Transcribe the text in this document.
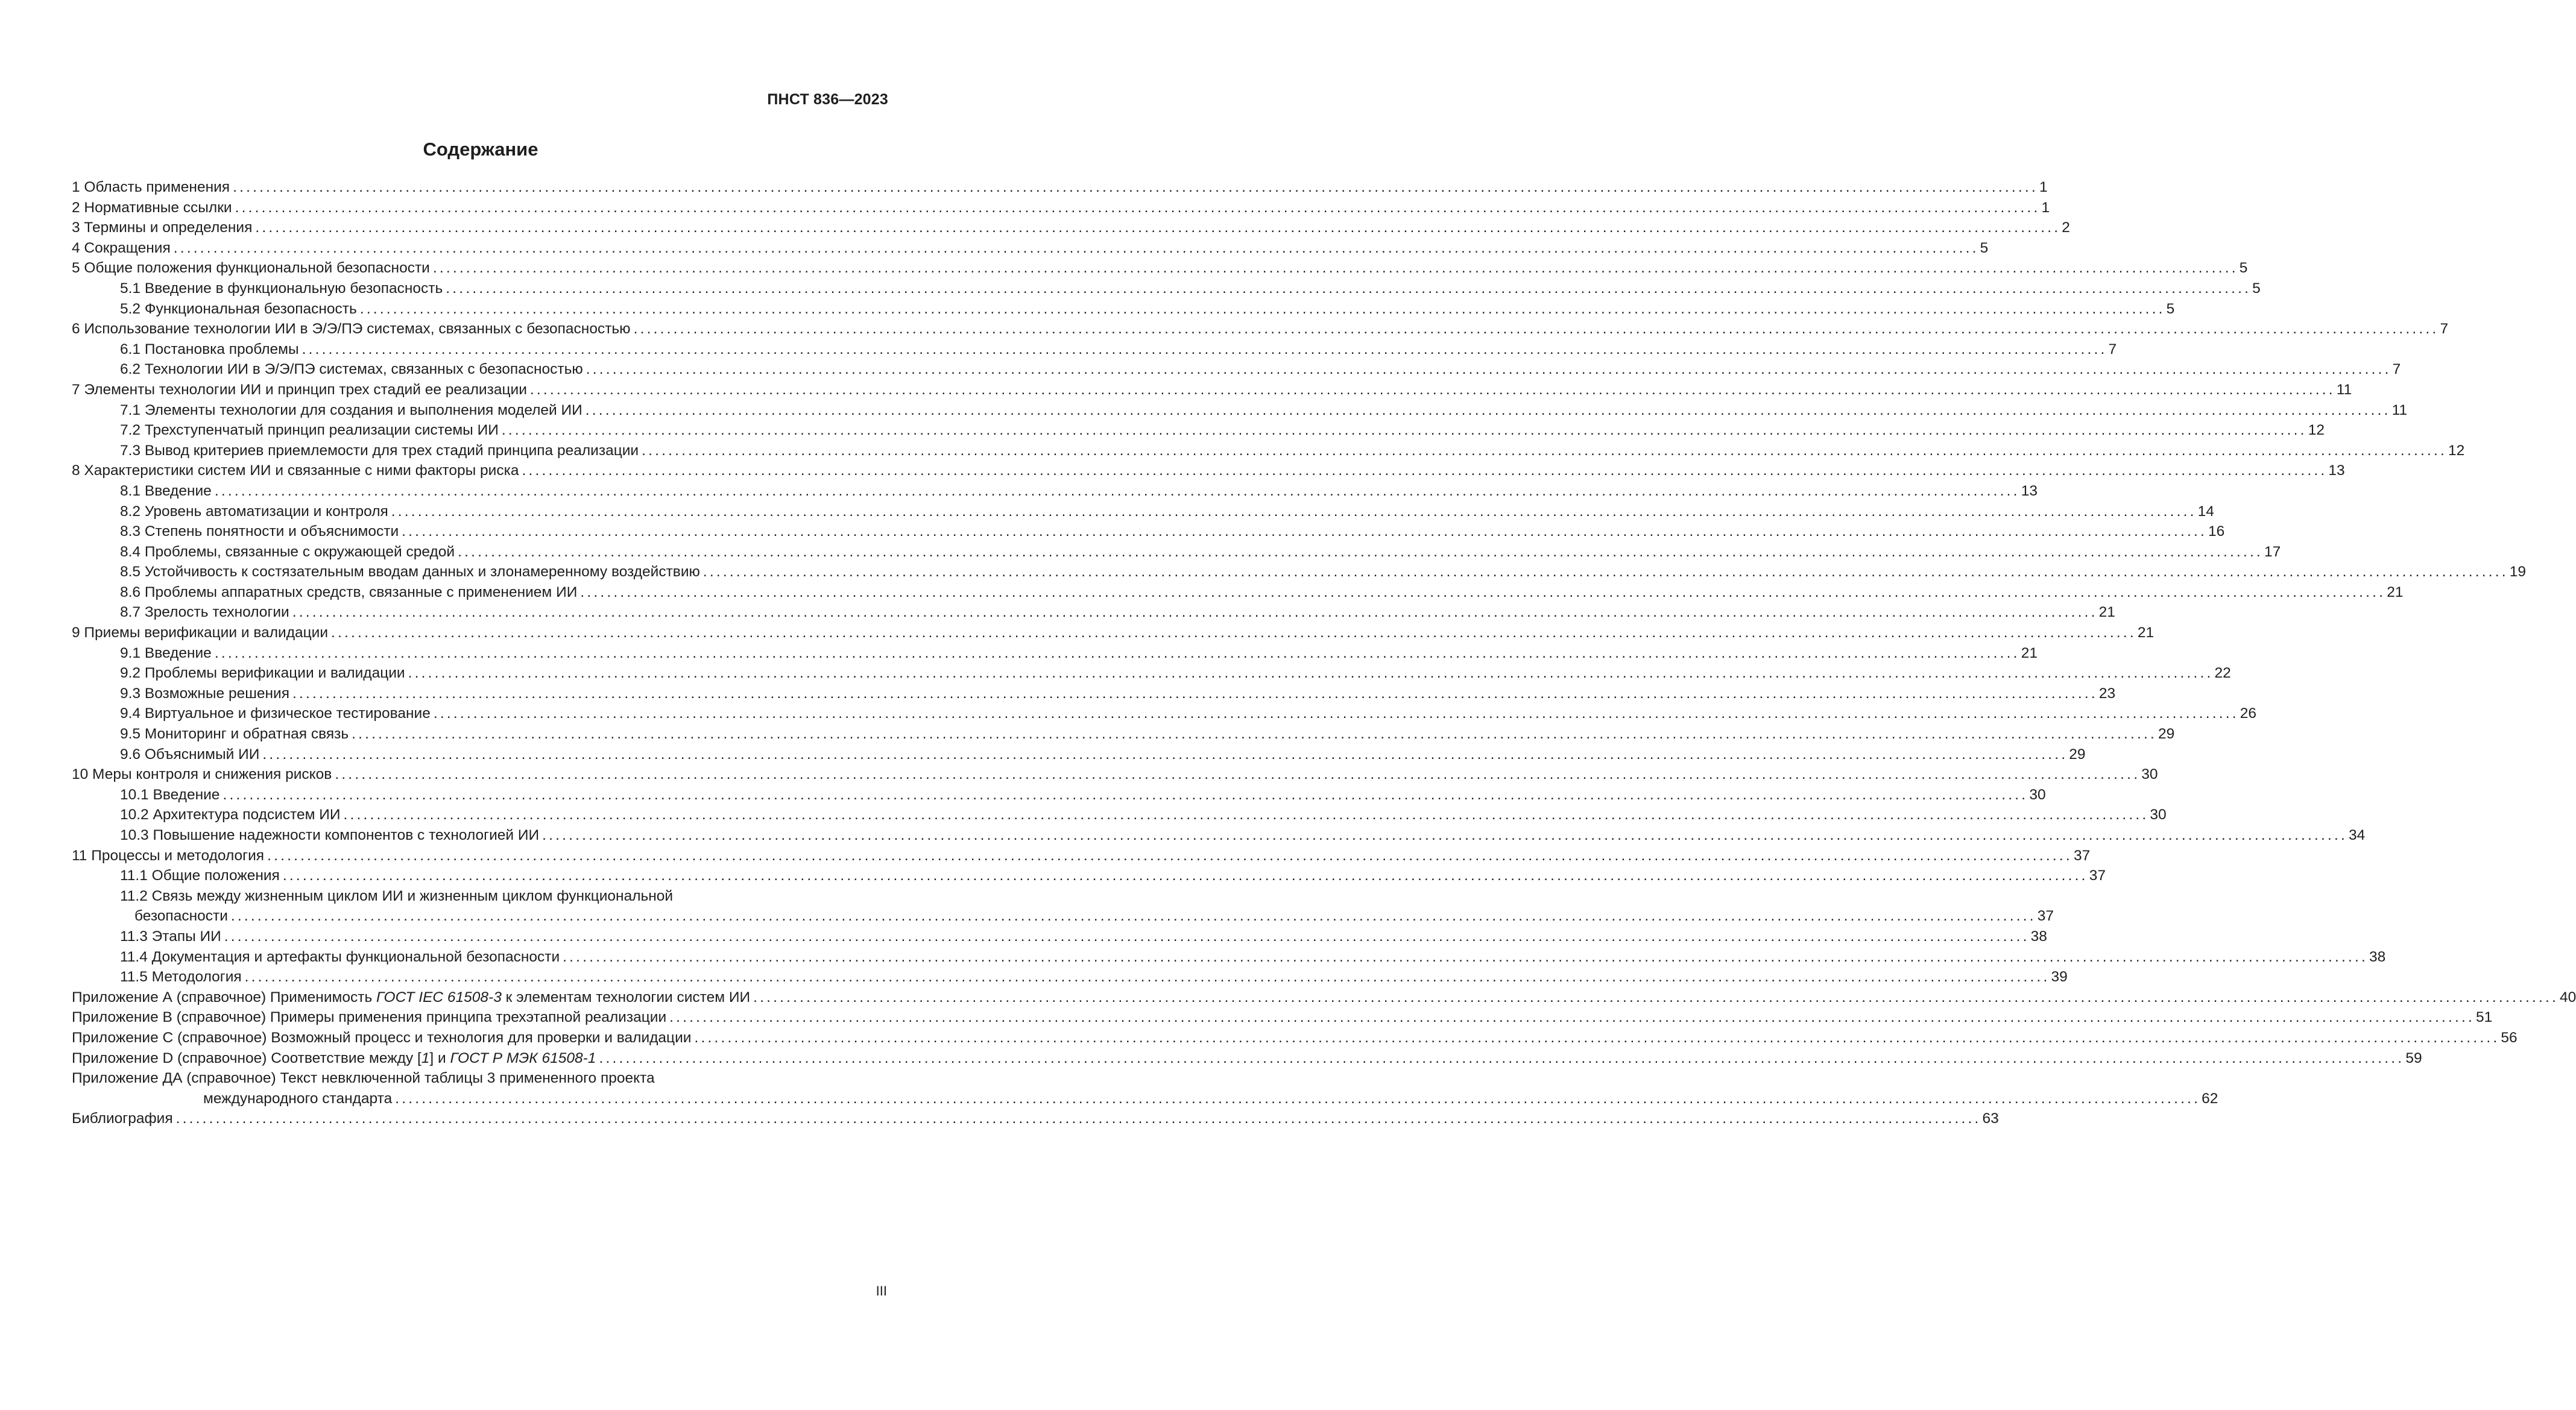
ПНСТ 836—2023
Содержание
1 Область применения ................................................................................................................................................................................................................................................................................ 1
2 Нормативные ссылки ................................................................................................................................................................................................................................................................................ 1
3 Термины и определения ................................................................................................................................................................................................................................................................................ 2
4 Сокращения ................................................................................................................................................................................................................................................................................ 5
5 Общие положения функциональной безопасности ................................................................................................................................................................................................................................................................................ 5
5.1 Введение в функциональную безопасность ................................................................................................................................................................................................................................................................................ 5
5.2 Функциональная безопасность ................................................................................................................................................................................................................................................................................ 5
6 Использование технологии ИИ в Э/Э/ПЭ системах, связанных с безопасностью ................................................................................................................................................................................................................................................................................ 7
6.1 Постановка проблемы ................................................................................................................................................................................................................................................................................ 7
6.2 Технологии ИИ в Э/Э/ПЭ системах, связанных с безопасностью ................................................................................................................................................................................................................................................................................ 7
7 Элементы технологии ИИ и принцип трех стадий ее реализации ................................................................................................................................................................................................................................................................................ 11
7.1 Элементы технологии для создания и выполнения моделей ИИ ................................................................................................................................................................................................................................................................................ 11
7.2 Трехступенчатый принцип реализации системы ИИ ................................................................................................................................................................................................................................................................................ 12
7.3 Вывод критериев приемлемости для трех стадий принципа реализации ................................................................................................................................................................................................................................................................................ 12
8 Характеристики систем ИИ и связанные с ними факторы риска ................................................................................................................................................................................................................................................................................ 13
8.1 Введение ................................................................................................................................................................................................................................................................................ 13
8.2 Уровень автоматизации и контроля ................................................................................................................................................................................................................................................................................ 14
8.3 Степень понятности и объяснимости ................................................................................................................................................................................................................................................................................ 16
8.4 Проблемы, связанные с окружающей средой ................................................................................................................................................................................................................................................................................ 17
8.5 Устойчивость к состязательным вводам данных и злонамеренному воздействию ................................................................................................................................................................................................................................................................................ 19
8.6 Проблемы аппаратных средств, связанные с применением ИИ ................................................................................................................................................................................................................................................................................ 21
8.7 Зрелость технологии ................................................................................................................................................................................................................................................................................ 21
9 Приемы верификации и валидации ................................................................................................................................................................................................................................................................................ 21
9.1 Введение ................................................................................................................................................................................................................................................................................ 21
9.2 Проблемы верификации и валидации ................................................................................................................................................................................................................................................................................ 22
9.3 Возможные решения ................................................................................................................................................................................................................................................................................ 23
9.4 Виртуальное и физическое тестирование ................................................................................................................................................................................................................................................................................ 26
9.5 Мониторинг и обратная связь ................................................................................................................................................................................................................................................................................ 29
9.6 Объяснимый ИИ ................................................................................................................................................................................................................................................................................ 29
10 Меры контроля и снижения рисков ................................................................................................................................................................................................................................................................................ 30
10.1 Введение ................................................................................................................................................................................................................................................................................ 30
10.2 Архитектура подсистем ИИ ................................................................................................................................................................................................................................................................................ 30
10.3 Повышение надежности компонентов с технологией ИИ ................................................................................................................................................................................................................................................................................ 34
11 Процессы и методология ................................................................................................................................................................................................................................................................................ 37
11.1 Общие положения ................................................................................................................................................................................................................................................................................ 37
11.2 Связь между жизненным циклом ИИ и жизненным циклом функциональной
безопасности ................................................................................................................................................................................................................................................................................ 37
11.3 Этапы ИИ ................................................................................................................................................................................................................................................................................ 38
11.4 Документация и артефакты функциональной безопасности ................................................................................................................................................................................................................................................................................ 38
11.5 Методология ................................................................................................................................................................................................................................................................................ 39
Приложение А (справочное) Применимость ГОСТ IEC 61508-3 к элементам технологии систем ИИ ................................................................................................................................................................................................................................................................................ 40
Приложение В (справочное) Примеры применения принципа трехэтапной реализации ................................................................................................................................................................................................................................................................................ 51
Приложение С (справочное) Возможный процесс и технология для проверки и валидации ................................................................................................................................................................................................................................................................................ 56
Приложение D (справочное) Соответствие между [1] и ГОСТ Р МЭК 61508-1 ................................................................................................................................................................................................................................................................................ 59
Приложение ДА (справочное) Текст невключенной таблицы 3 примененного проекта
международного стандарта ................................................................................................................................................................................................................................................................................ 62
Библиография ................................................................................................................................................................................................................................................................................ 63
III
